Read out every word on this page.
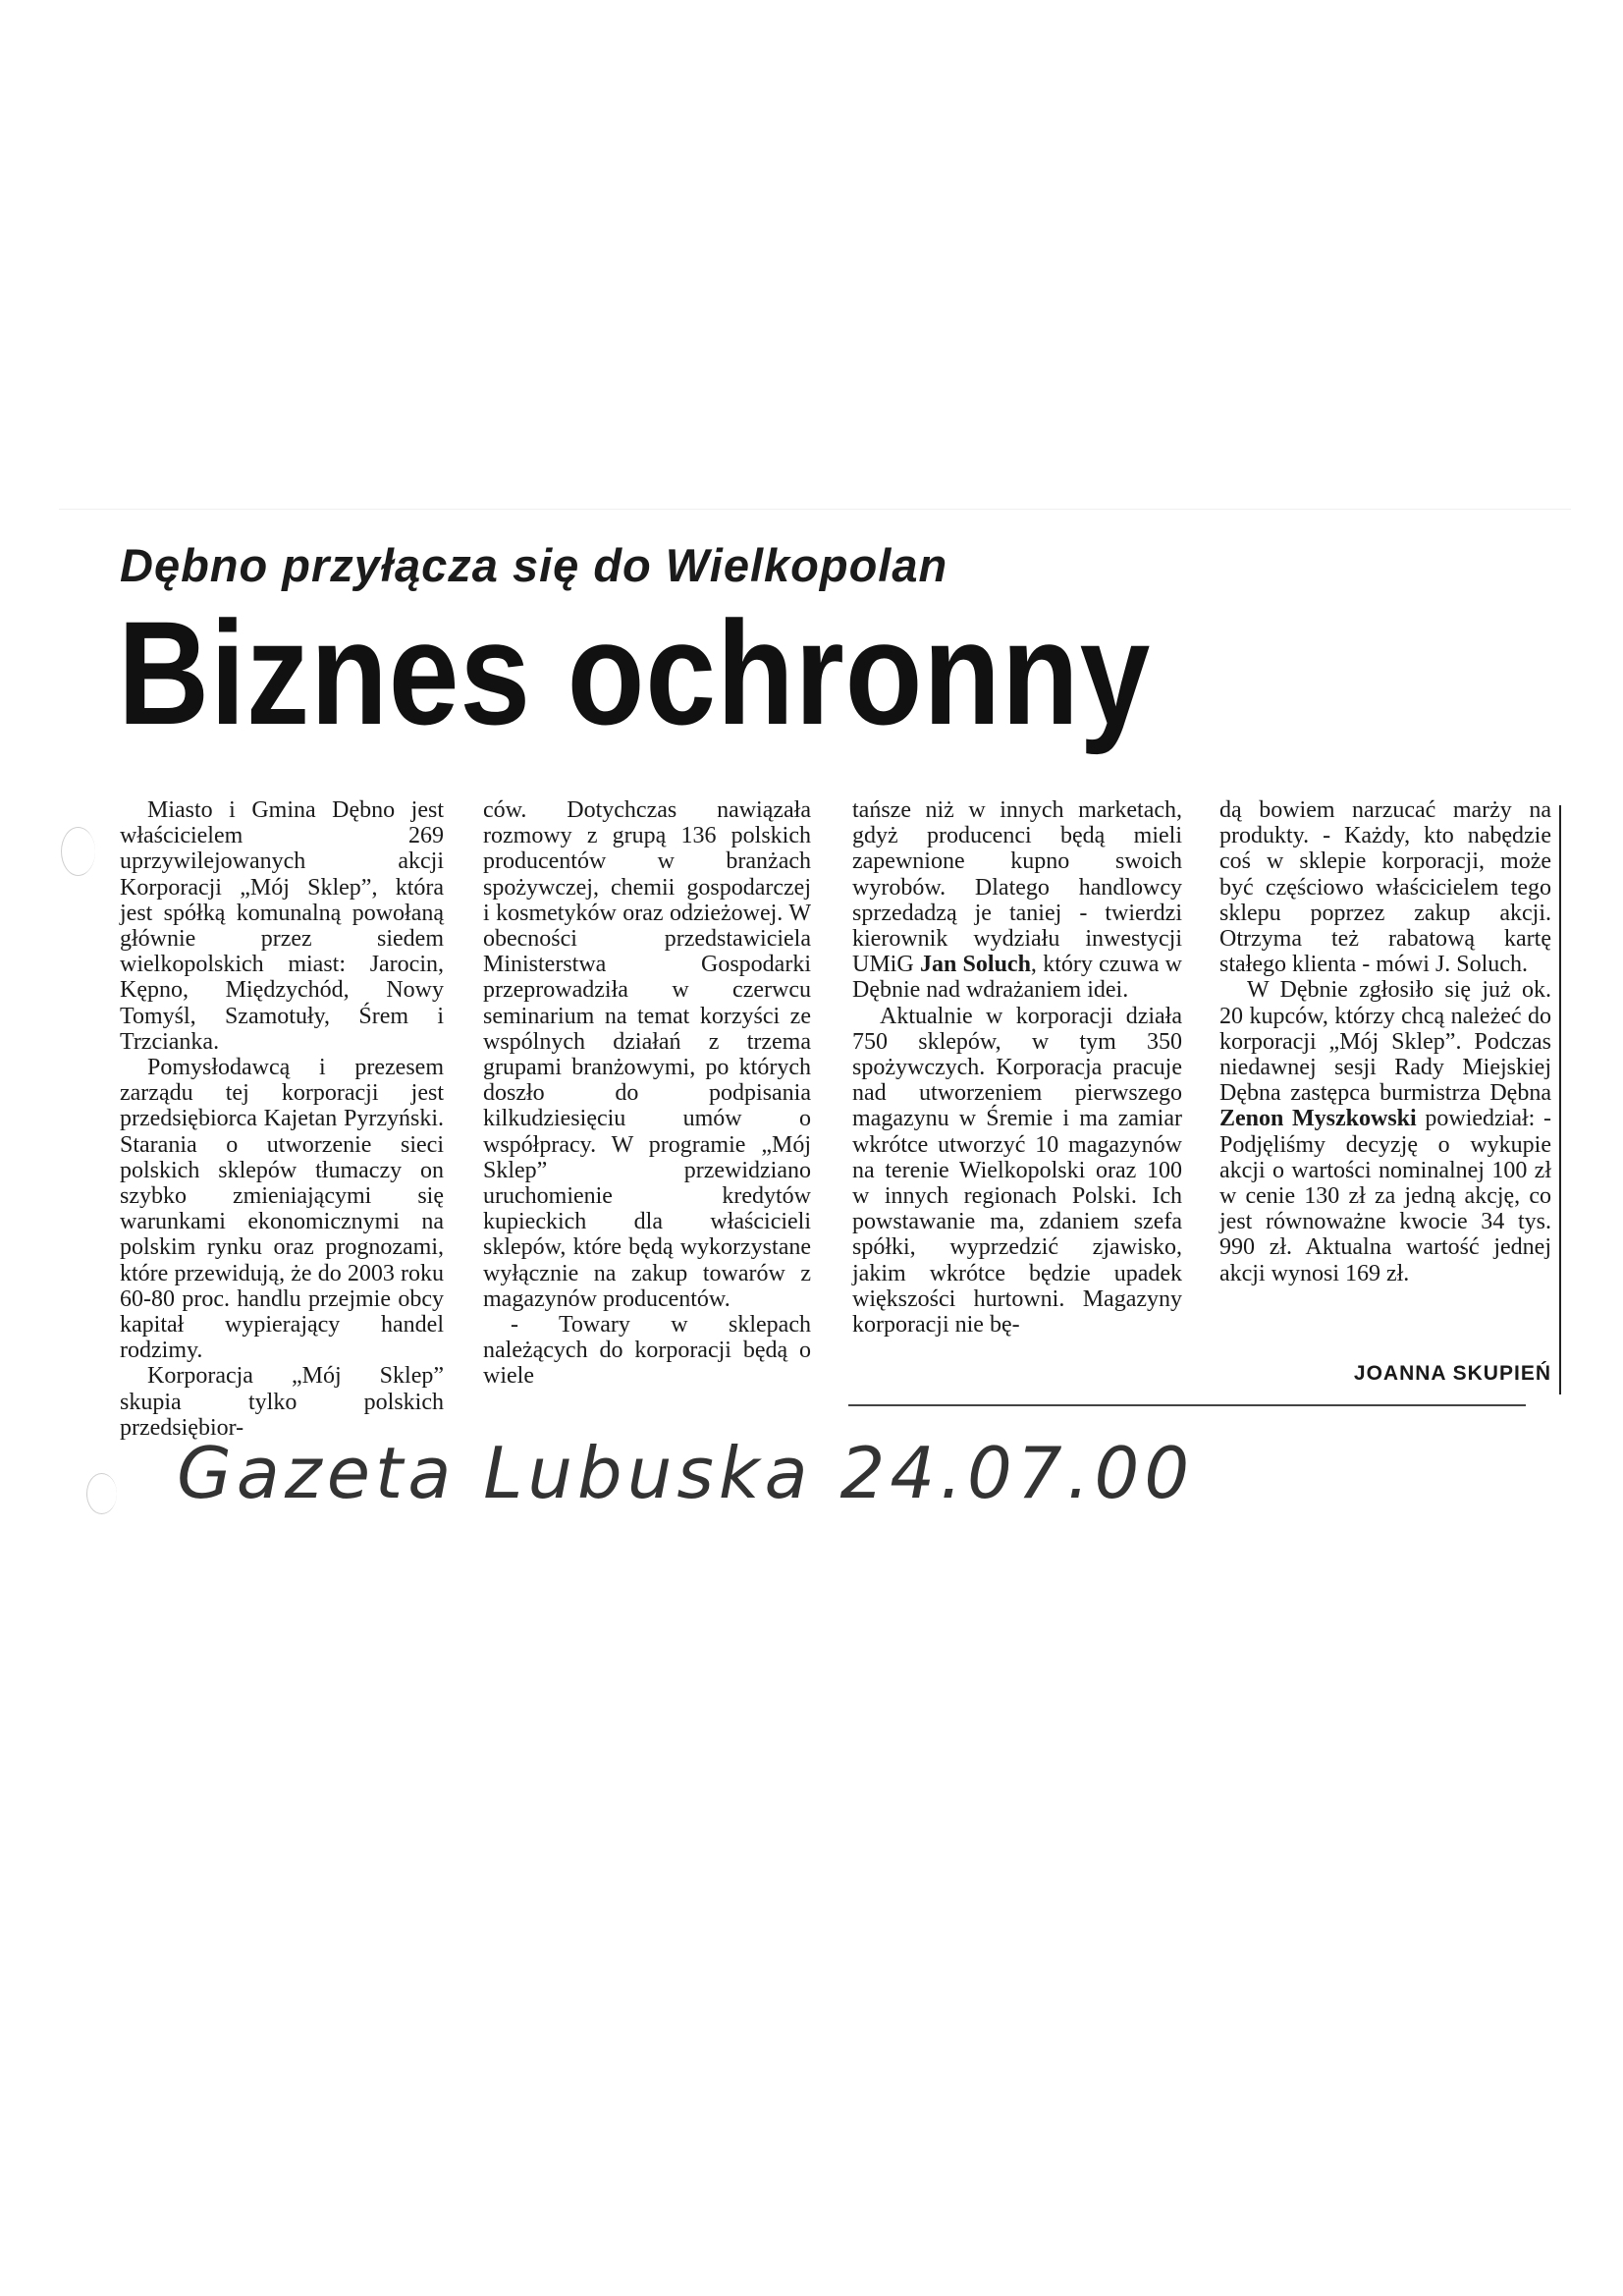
Dębno przyłącza się do Wielkopolan
Biznes ochronny

Miasto i Gmina Dębno jest właścicielem 269 uprzywilejowanych akcji Korporacji „Mój Sklep”, która jest spółką komunalną powołaną głównie przez siedem wielkopolskich miast: Jarocin, Kępno, Międzychód, Nowy Tomyśl, Szamotuły, Śrem i Trzcianka.

Pomysłodawcą i prezesem zarządu tej korporacji jest przedsiębiorca Kajetan Pyrzyński. Starania o utworzenie sieci polskich sklepów tłumaczy on szybko zmieniającymi się warunkami ekonomicznymi na polskim rynku oraz prognozami, które przewidują, że do 2003 roku 60-80 proc. handlu przejmie obcy kapitał wypierający handel rodzimy.

Korporacja „Mój Sklep” skupia tylko polskich przedsiębior-

ców. Dotychczas nawiązała rozmowy z grupą 136 polskich producentów w branżach spożywczej, chemii gospodarczej i kosmetyków oraz odzieżowej. W obecności przedstawiciela Ministerstwa Gospodarki przeprowadziła w czerwcu seminarium na temat korzyści ze wspólnych działań z trzema grupami branżowymi, po których doszło do podpisania kilkudziesięciu umów o współpracy. W programie „Mój Sklep” przewidziano uruchomienie kredytów kupieckich dla właścicieli sklepów, które będą wykorzystane wyłącznie na zakup towarów z magazynów producentów.

- Towary w sklepach należących do korporacji będą o wiele

tańsze niż w innych marketach, gdyż producenci będą mieli zapewnione kupno swoich wyrobów. Dlatego handlowcy sprzedadzą je taniej - twierdzi kierownik wydziału inwestycji UMiG Jan Soluch, który czuwa w Dębnie nad wdrażaniem idei.

Aktualnie w korporacji działa 750 sklepów, w tym 350 spożywczych. Korporacja pracuje nad utworzeniem pierwszego magazynu w Śremie i ma zamiar wkrótce utworzyć 10 magazynów na terenie Wielkopolski oraz 100 w innych regionach Polski. Ich powstawanie ma, zdaniem szefa spółki, wyprzedzić zjawisko, jakim wkrótce będzie upadek większości hurtowni. Magazyny korporacji nie bę-

dą bowiem narzucać marży na produkty. - Każdy, kto nabędzie coś w sklepie korporacji, może być częściowo właścicielem tego sklepu poprzez zakup akcji. Otrzyma też rabatową kartę stałego klienta - mówi J. Soluch.

W Dębnie zgłosiło się już ok. 20 kupców, którzy chcą należeć do korporacji „Mój Sklep”. Podczas niedawnej sesji Rady Miejskiej Dębna zastępca burmistrza Dębna Zenon Myszkowski powiedział: - Podjęliśmy decyzję o wykupie akcji o wartości nominalnej 100 zł w cenie 130 zł za jedną akcję, co jest równoważne kwocie 34 tys. 990 zł. Aktualna wartość jednej akcji wynosi 169 zł.

JOANNA SKUPIEŃ
Gazeta Lubuska 24.07.00
